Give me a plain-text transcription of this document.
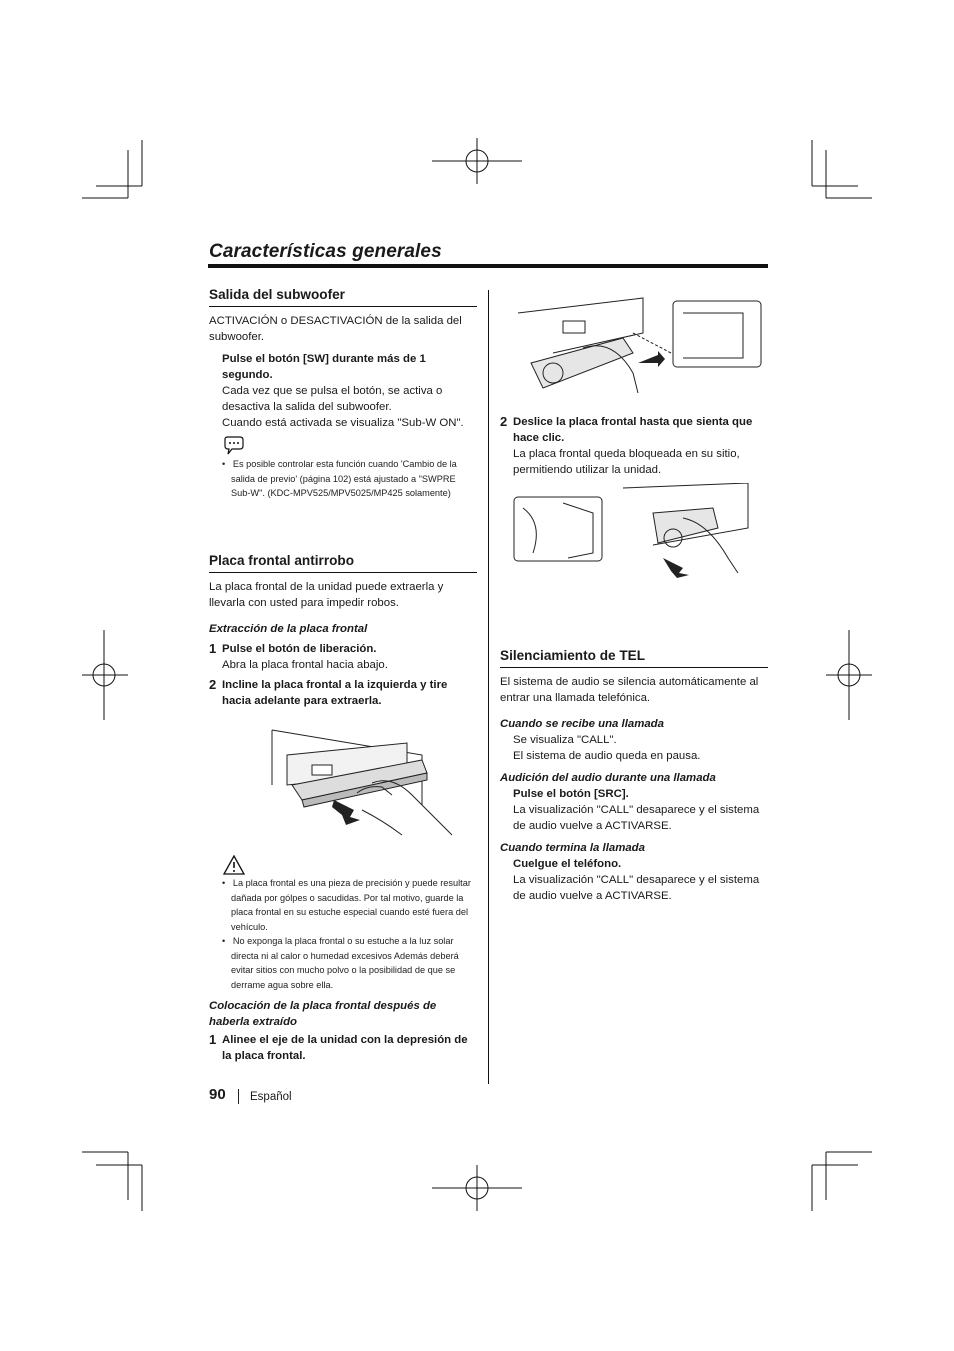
Características generales
Salida del subwoofer

ACTIVACIÓN o DESACTIVACIÓN de la salida del subwoofer.

Pulse el botón [SW] durante más de 1 segundo.

Cada vez que se pulsa el botón, se activa o desactiva la salida del subwoofer.

Cuando está activada se visualiza "Sub-W ON".

•   Es posible controlar esta función cuando 'Cambio de la salida de previo' (página 102) está ajustado a "SWPRE Sub-W". (KDC-MPV525/MPV5025/MP425 solamente)

Placa frontal antirrobo

La placa frontal de la unidad puede extraerla y llevarla con usted para impedir robos.

Extracción de la placa frontal

1 Pulse el botón de liberación.

Abra la placa frontal hacia abajo.

2 Incline la placa frontal a la izquierda y tire hacia adelante para extraerla.

•   La placa frontal es una pieza de precisión y puede resultar dañada por gólpes o sacudidas. Por tal motivo, guarde la placa frontal en su estuche especial cuando esté fuera del vehículo.

•   No exponga la placa frontal o su estuche a la luz solar directa ni al calor o humedad excesivos Además deberá evitar sitios con mucho polvo o la posibilidad de que se derrame agua sobre ella.

Colocación de la placa frontal después de haberla extraído

1 Alinee el eje de la unidad con la depresión de la placa frontal.

2 Deslice la placa frontal hasta que sienta que hace clic.

La placa frontal queda bloqueada en su sitio, permitiendo utilizar la unidad.

Silenciamiento de TEL

El sistema de audio se silencia automáticamente al entrar una llamada telefónica.

Cuando se recibe una llamada

Se visualiza "CALL".

El sistema de audio queda en pausa.

Audición del audio durante una llamada

Pulse el botón [SRC].

La visualización "CALL" desaparece y el sistema de audio vuelve a ACTIVARSE.

Cuando termina la llamada

Cuelgue el teléfono.

La visualización "CALL" desaparece y el sistema de audio vuelve a ACTIVARSE.

90 Español
